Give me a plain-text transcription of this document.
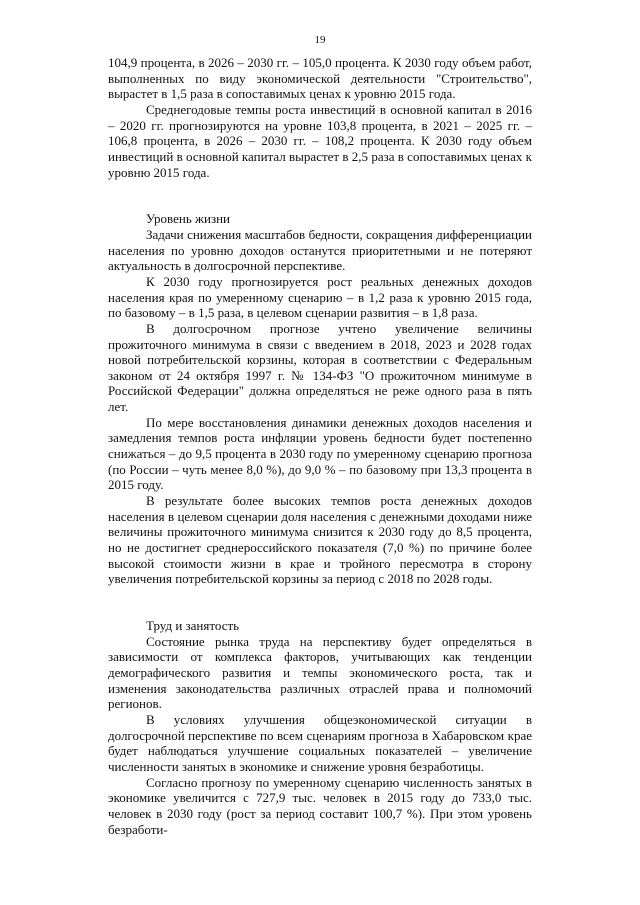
19

104,9 процента, в 2026 – 2030 гг. – 105,0 процента. К 2030 году объем работ, выполненных по виду экономической деятельности "Строительство", вырастет в 1,5 раза в сопоставимых ценах к уровню 2015 года.

Среднегодовые темпы роста инвестиций в основной капитал в 2016 – 2020 гг. прогнозируются на уровне 103,8 процента, в 2021 – 2025 гг. – 106,8 процента, в 2026 – 2030 гг. – 108,2 процента. К 2030 году объем инвестиций в основной капитал вырастет в 2,5 раза в сопоставимых ценах к уровню 2015 года.

Уровень жизни

Задачи снижения масштабов бедности, сокращения дифференциации населения по уровню доходов останутся приоритетными и не потеряют актуальность в долгосрочной перспективе.

К 2030 году прогнозируется рост реальных денежных доходов населения края по умеренному сценарию – в 1,2 раза к уровню 2015 года, по базовому – в 1,5 раза, в целевом сценарии развития – в 1,8 раза.

В долгосрочном прогнозе учтено увеличение величины прожиточного минимума в связи с введением в 2018, 2023 и 2028 годах новой потребительской корзины, которая в соответствии с Федеральным законом от 24 октября 1997 г. № 134-ФЗ "О прожиточном минимуме в Российской Федерации" должна определяться не реже одного раза в пять лет.

По мере восстановления динамики денежных доходов населения и замедления темпов роста инфляции уровень бедности будет постепенно снижаться – до 9,5 процента в 2030 году по умеренному сценарию прогноза (по России – чуть менее 8,0 %), до 9,0 % – по базовому при 13,3 процента в 2015 году.

В результате более высоких темпов роста денежных доходов населения в целевом сценарии доля населения с денежными доходами ниже величины прожиточного минимума снизится к 2030 году до 8,5 процента, но не достигнет среднероссийского показателя (7,0 %) по причине более высокой стоимости жизни в крае и тройного пересмотра в сторону увеличения потребительской корзины за период с 2018 по 2028 годы.

Труд и занятость

Состояние рынка труда на перспективу будет определяться в зависимости от комплекса факторов, учитывающих как тенденции демографического развития и темпы экономического роста, так и изменения законодательства различных отраслей права и полномочий регионов.

В условиях улучшения общеэкономической ситуации в долгосрочной перспективе по всем сценариям прогноза в Хабаровском крае будет наблюдаться улучшение социальных показателей – увеличение численности занятых в экономике и снижение уровня безработицы.

Согласно прогнозу по умеренному сценарию численность занятых в экономике увеличится с 727,9 тыс. человек в 2015 году до 733,0 тыс. человек в 2030 году (рост за период составит 100,7 %). При этом уровень безработи-
